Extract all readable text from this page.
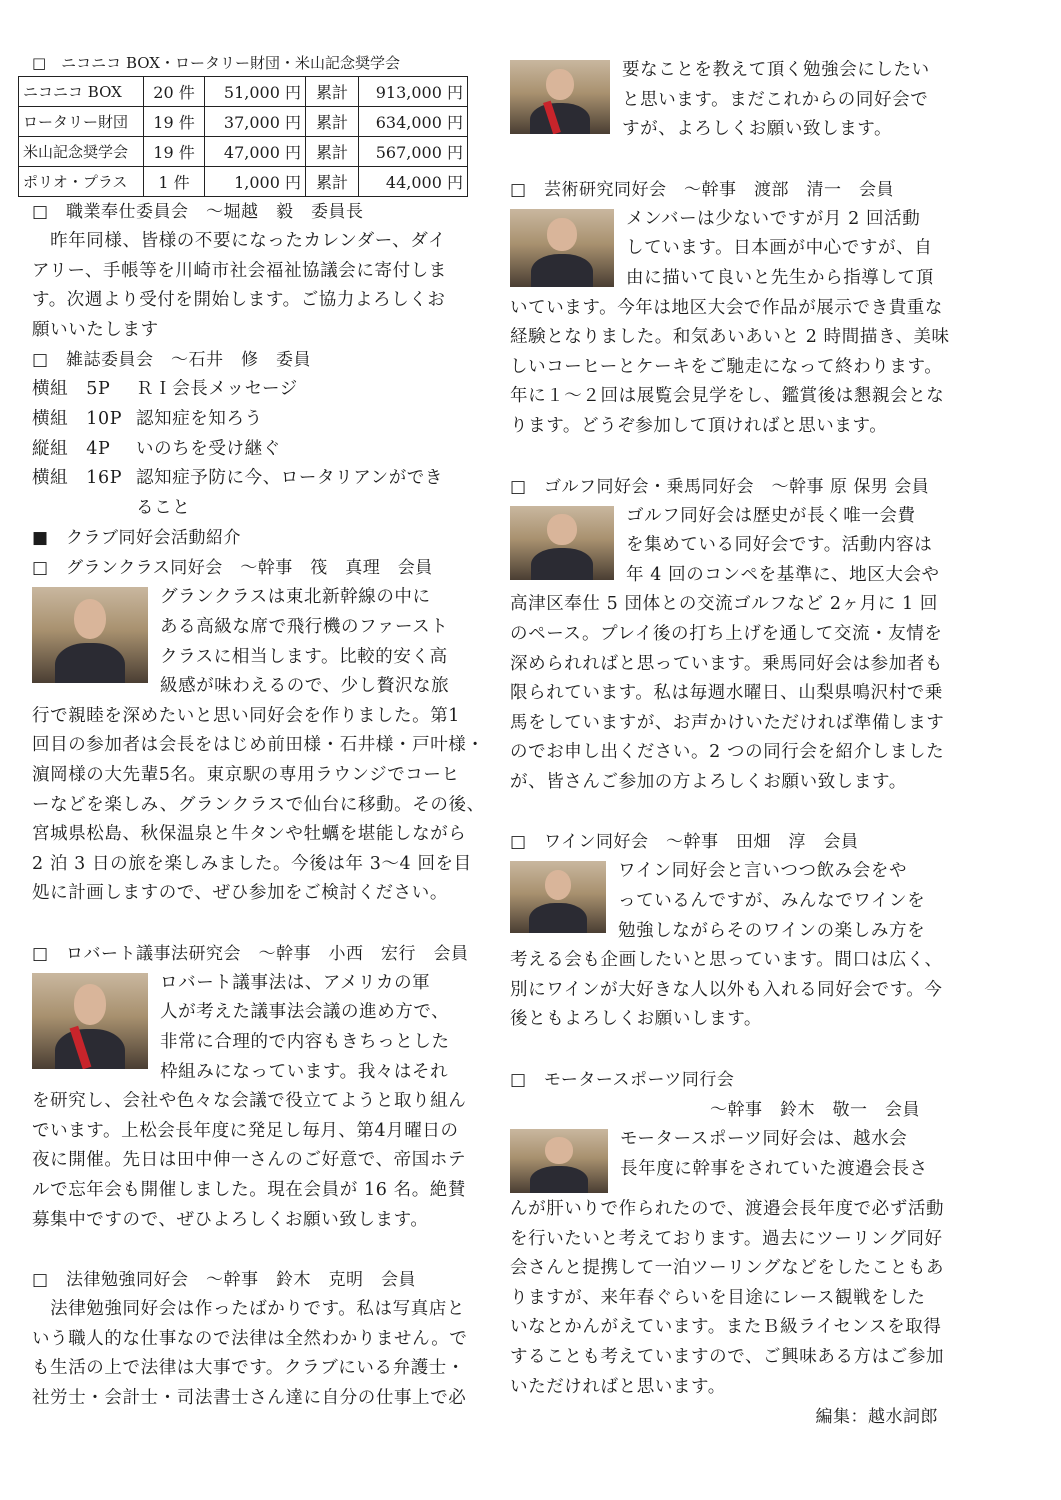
□　ニコニコ BOX・ロータリー財団・米山記念奨学会
ニコニコ BOX	20 件	51,000 円	累計	913,000 円
ロータリー財団	19 件	37,000 円	累計	634,000 円
米山記念奨学会	19 件	47,000 円	累計	567,000 円
ポリオ・プラス	1 件	1,000 円	累計	44,000 円
□　職業奉仕委員会　～堀越　毅　委員長
　昨年同様、皆様の不要になったカレンダー、ダイ
アリー、手帳等を川崎市社会福祉協議会に寄付しま
す。次週より受付を開始します。ご協力よろしくお
願いいたします
□　雑誌委員会　～石井　修　委員
横組　5P ＲＩ会長メッセージ
横組　10P 認知症を知ろう
縦組　4P いのちを受け継ぐ
横組　16P 認知症予防に今、ロータリアンができ
ること
■　クラブ同好会活動紹介
□　グランクラス同好会　～幹事　筏　真理　会員
グランクラスは東北新幹線の中に
ある高級な席で飛行機のファースト
クラスに相当します。比較的安く高
級感が味わえるので、少し贅沢な旅
行で親睦を深めたいと思い同好会を作りました。第1
回目の参加者は会長をはじめ前田様・石井様・戸叶様・
濵岡様の大先輩5名。東京駅の専用ラウンジでコーヒ
ーなどを楽しみ、グランクラスで仙台に移動。その後、
宮城県松島、秋保温泉と牛タンや牡蠣を堪能しながら
2 泊 3 日の旅を楽しみました。今後は年 3～4 回を目
処に計画しますので、ぜひ参加をご検討ください。
□　ロバート議事法研究会　～幹事　小西　宏行　会員
ロバート議事法は、アメリカの軍
人が考えた議事法会議の進め方で、
非常に合理的で内容もきちっとした
枠組みになっています。我々はそれ
を研究し、会社や色々な会議で役立てようと取り組ん
でいます。上松会長年度に発足し毎月、第4月曜日の
夜に開催。先日は田中伸一さんのご好意で、帝国ホテ
ルで忘年会も開催しました。現在会員が 16 名。絶賛
募集中ですので、ぜひよろしくお願い致します。
□　法律勉強同好会　～幹事　鈴木　克明　会員
　法律勉強同好会は作ったばかりです。私は写真店と
いう職人的な仕事なので法律は全然わかりません。で
も生活の上で法律は大事です。クラブにいる弁護士・
社労士・会計士・司法書士さん達に自分の仕事上で必
要なことを教えて頂く勉強会にしたい
と思います。まだこれからの同好会で
すが、よろしくお願い致します。
□　芸術研究同好会　～幹事　渡部　清一　会員
メンバーは少ないですが月 2 回活動
しています。日本画が中心ですが、自
由に描いて良いと先生から指導して頂
いています。今年は地区大会で作品が展示でき貴重な
経験となりました。和気あいあいと 2 時間描き、美味
しいコーヒーとケーキをご馳走になって終わります。
年に１～２回は展覧会見学をし、鑑賞後は懇親会とな
ります。どうぞ参加して頂ければと思います。
□　ゴルフ同好会・乗馬同好会　～幹事 原 保男 会員
ゴルフ同好会は歴史が長く唯一会費
を集めている同好会です。活動内容は
年 4 回のコンペを基準に、地区大会や
高津区奉仕 5 団体との交流ゴルフなど 2ヶ月に 1 回
のペース。プレイ後の打ち上げを通して交流・友情を
深められればと思っています。乗馬同好会は参加者も
限られています。私は毎週水曜日、山梨県鳴沢村で乗
馬をしていますが、お声かけいただければ準備します
のでお申し出ください。2 つの同行会を紹介しました
が、皆さんご参加の方よろしくお願い致します。
□　ワイン同好会　～幹事　田畑　淳　会員
ワイン同好会と言いつつ飲み会をや
っているんですが、みんなでワインを
勉強しながらそのワインの楽しみ方を
考える会も企画したいと思っています。間口は広く、
別にワインが大好きな人以外も入れる同好会です。今
後ともよろしくお願いします。
□　モータースポーツ同行会
～幹事　鈴木　敬一　会員
モータースポーツ同好会は、越水会
長年度に幹事をされていた渡邉会長さ
んが肝いりで作られたので、渡邉会長年度で必ず活動
を行いたいと考えております。過去にツーリング同好
会さんと提携して一泊ツーリングなどをしたこともあ
りますが、来年春ぐらいを目途にレース観戦をした
いなとかんがえています。またＢ級ライセンスを取得
することも考えていますので、ご興味ある方はご参加
いただければと思います。
編集：越水詞郎
